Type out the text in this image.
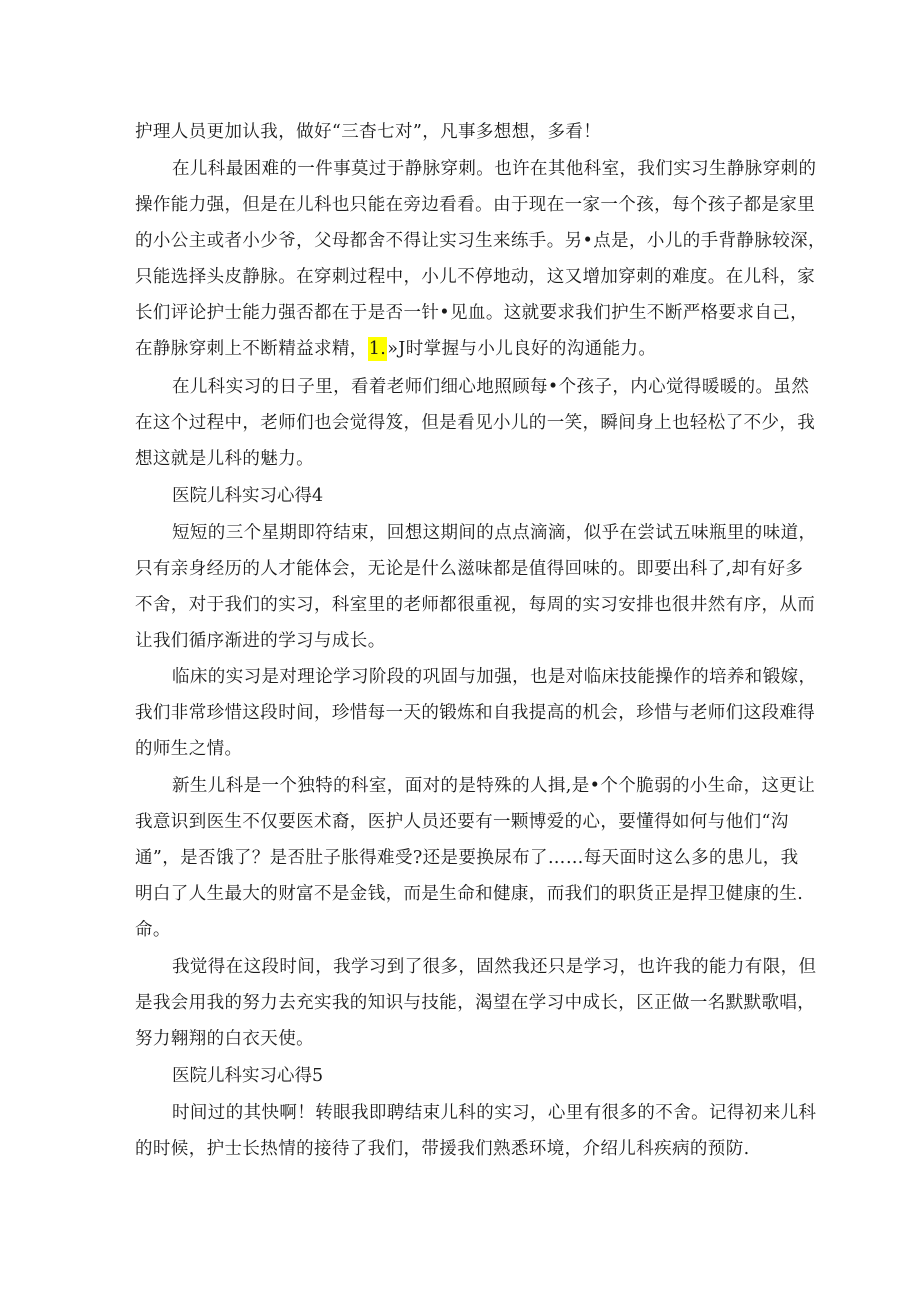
护理人员更加认我，做好“三杳七对”，凡事多想想，多看！
在儿科最困难的一件事莫过于静脉穿刺。也许在其他科室，我们实习生静脉穿刺的
操作能力强，但是在儿科也只能在旁边看看。由于现在一家一个孩，每个孩子都是家里
的小公主或者小少爷，父母都舍不得让实习生来练手。另•点是，小儿的手背静脉较深，
只能选择头皮静脉。在穿刺过程中，小儿不停地动，这又增加穿刺的难度。在儿科，家
长们评论护士能力强否都在于是否一针•见血。这就要求我们护生不断严格要求自己，
在静脉穿刺上不断精益求精，1.»J时掌握与小儿良好的沟通能力。
在儿科实习的日子里，看着老师们细心地照顾每•个孩子，内心觉得暖暖的。虽然
在这个过程中，老师们也会觉得笈，但是看见小儿的一笑，瞬间身上也轻松了不少，我
想这就是儿科的魅力。
医院儿科实习心得4
短短的三个星期即符结束，回想这期间的点点滴滴，似乎在尝试五味瓶里的味道，
只有亲身经历的人才能体会，无论是什么滋味都是值得回味的。即要出科了,却有好多
不舍，对于我们的实习，科室里的老师都很重视，每周的实习安排也很井然有序，从而
让我们循序渐进的学习与成长。
临床的实习是对理论学习阶段的巩固与加强，也是对临床技能操作的培养和锻嫁，
我们非常珍惜这段时间，珍惜每一天的锻炼和自我提高的机会，珍惜与老师们这段难得
的师生之情。
新生儿科是一个独特的科室，面对的是特殊的人揖,是•个个脆弱的小生命，这更让
我意识到医生不仅要医术裔，医护人员还要有一颗博爱的心，要懂得如何与他们“沟
通”，是否饿了？是否肚子胀得难受?还是要换尿布了……每天面时这么多的患儿，我
明白了人生最大的财富不是金钱，而是生命和健康，而我们的职货正是捍卫健康的生.
命。
我觉得在这段时间，我学习到了很多，固然我还只是学习，也许我的能力有限，但
是我会用我的努力去充实我的知识与技能，渴望在学习中成长，区正做一名默默歌唱，
努力翱翔的白衣天使。
医院儿科实习心得5
时间过的其快啊！转眼我即聘结束儿科的实习，心里有很多的不舍。记得初来儿科
的时候，护士长热情的接待了我们，带援我们熟悉环境，介绍儿科疾病的预防.
